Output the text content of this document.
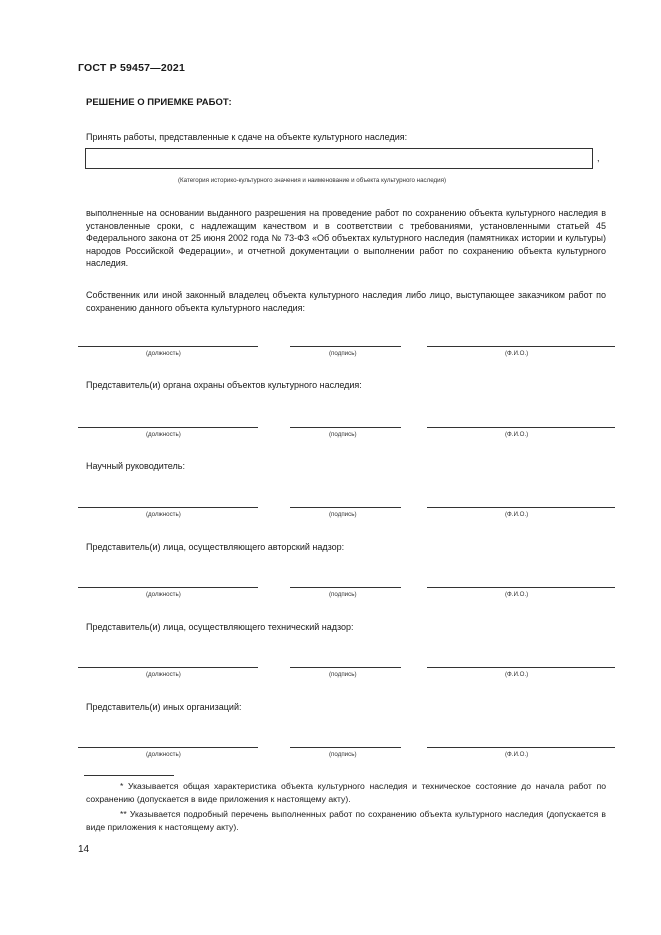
ГОСТ Р 59457—2021
РЕШЕНИЕ О ПРИЕМКЕ РАБОТ:
Принять работы, представленные к сдаче на объекте культурного наследия:
,
(Категория историко-культурного значения и наименование и объекта культурного наследия)
выполненные на основании выданного разрешения на проведение работ по сохранению объекта культурного наследия в установленные сроки, с надлежащим качеством и в соответствии с требованиями, установленными статьей 45 Федерального закона от 25 июня 2002 года № 73-ФЗ «Об объектах культурного наследия (памятниках истории и культуры) народов Российской Федерации», и отчетной документации о выполнении работ по сохранению объекта культурного наследия.
Собственник или иной законный владелец объекта культурного наследия либо лицо, выступающее заказчиком работ по сохранению данного объекта культурного наследия:
(должность)	(подпись)	(Ф.И.О.)
Представитель(и) органа охраны объектов культурного наследия:
(должность)	(подпись)	(Ф.И.О.)
Научный руководитель:
(должность)	(подпись)	(Ф.И.О.)
Представитель(и) лица, осуществляющего авторский надзор:
(должность)	(подпись)	(Ф.И.О.)
Представитель(и) лица, осуществляющего технический надзор:
(должность)	(подпись)	(Ф.И.О.)
Представитель(и) иных организаций:
(должность)	(подпись)	(Ф.И.О.)
* Указывается общая характеристика объекта культурного наследия и техническое состояние до начала работ по сохранению (допускается в виде приложения к настоящему акту).
** Указывается подробный перечень выполненных работ по сохранению объекта культурного наследия (допускается в виде приложения к настоящему акту).
14
